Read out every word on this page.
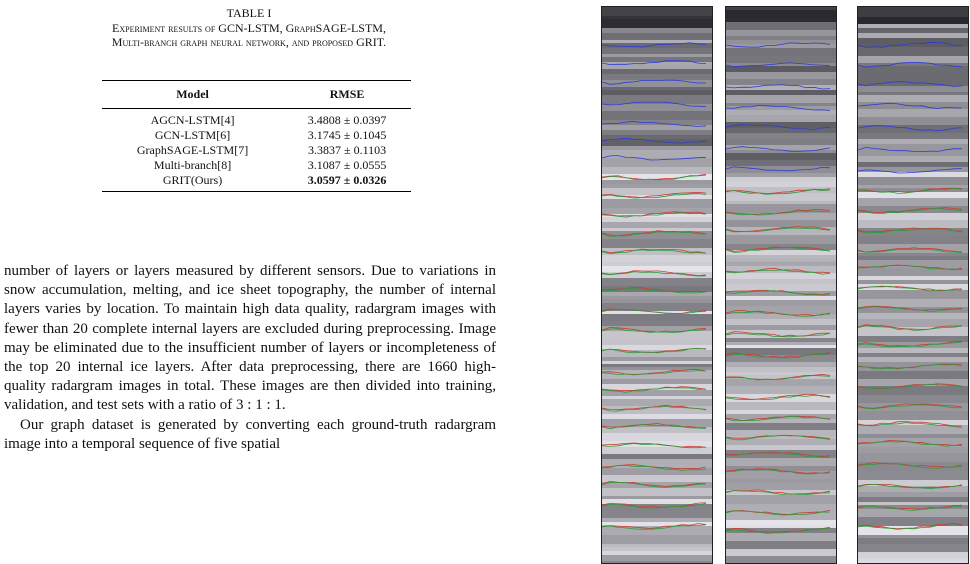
TABLE I
Experiment results of GCN-LSTM, GraphSAGE-LSTM,
Multi-branch graph neural network, and proposed GRIT.
Model	RMSE
AGCN-LSTM[4]	3.4808 ± 0.0397
GCN-LSTM[6]	3.1745 ± 0.1045
GraphSAGE-LSTM[7]	3.3837 ± 0.1103
Multi-branch[8]	3.1087 ± 0.0555
GRIT(Ours)	3.0597 ± 0.0326

number of layers or layers measured by different sensors. Due to variations in snow accumulation, melting, and ice sheet topography, the number of internal layers varies by location. To maintain high data quality, radargram images with fewer than 20 complete internal layers are excluded during preprocessing. Image may be eliminated due to the insufficient number of layers or incompleteness of the top 20 internal ice layers. After data preprocessing, there are 1660 high-quality radargram images in total. These images are then divided into training, validation, and test sets with a ratio of 3 : 1 : 1.

Our graph dataset is generated by converting each ground-truth radargram image into a temporal sequence of five spatial
